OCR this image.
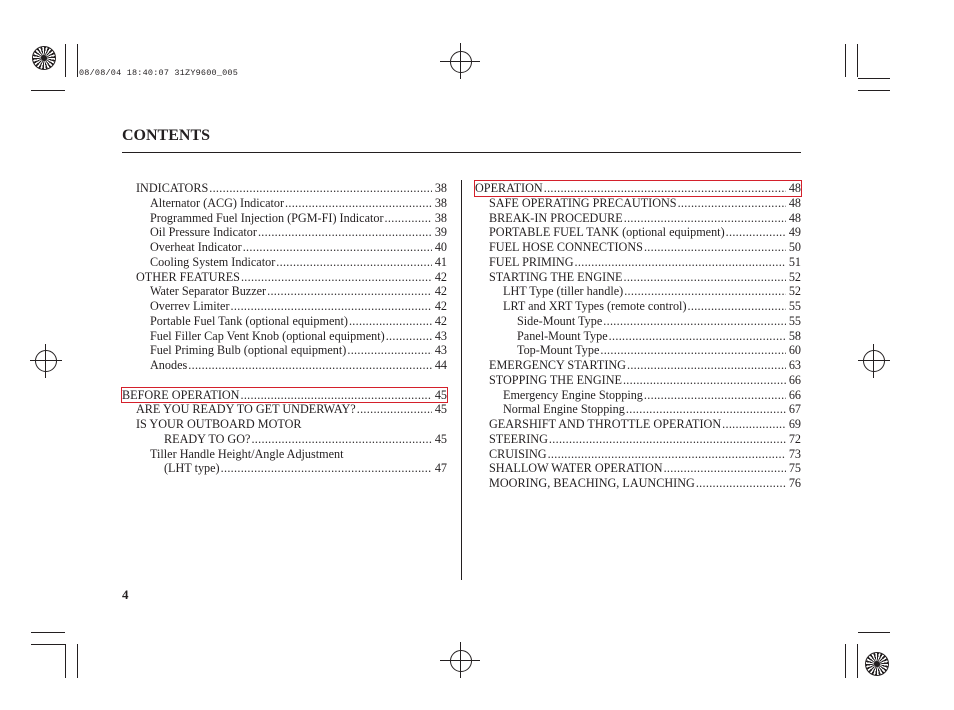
08/08/04 18:40:07 31ZY9600_005
CONTENTS
INDICATORS .....	38
Alternator (ACG) Indicator .....	38
Programmed Fuel Injection (PGM-FI) Indicator .....	38
Oil Pressure Indicator .....	39
Overheat Indicator .....	40
Cooling System Indicator .....	41
OTHER FEATURES .....	42
Water Separator Buzzer .....	42
Overrev Limiter .....	42
Portable Fuel Tank (optional equipment) .....	42
Fuel Filler Cap Vent Knob (optional equipment) .....	43
Fuel Priming Bulb (optional equipment) .....	43
Anodes .....	44
BEFORE OPERATION .....	45
ARE YOU READY TO GET UNDERWAY? .....	45
IS YOUR OUTBOARD MOTOR
READY TO GO? .....	45
Tiller Handle Height/Angle Adjustment
(LHT type) .....	47
OPERATION .....	48
SAFE OPERATING PRECAUTIONS .....	48
BREAK-IN PROCEDURE .....	48
PORTABLE FUEL TANK (optional equipment) .....	49
FUEL HOSE CONNECTIONS .....	50
FUEL PRIMING .....	51
STARTING THE ENGINE .....	52
LHT Type (tiller handle) .....	52
LRT and XRT Types (remote control) .....	55
Side-Mount Type .....	55
Panel-Mount Type .....	58
Top-Mount Type .....	60
EMERGENCY STARTING .....	63
STOPPING THE ENGINE .....	66
Emergency Engine Stopping .....	66
Normal Engine Stopping .....	67
GEARSHIFT AND THROTTLE OPERATION .....	69
STEERING .....	72
CRUISING .....	73
SHALLOW WATER OPERATION .....	75
MOORING, BEACHING, LAUNCHING .....	76
4
